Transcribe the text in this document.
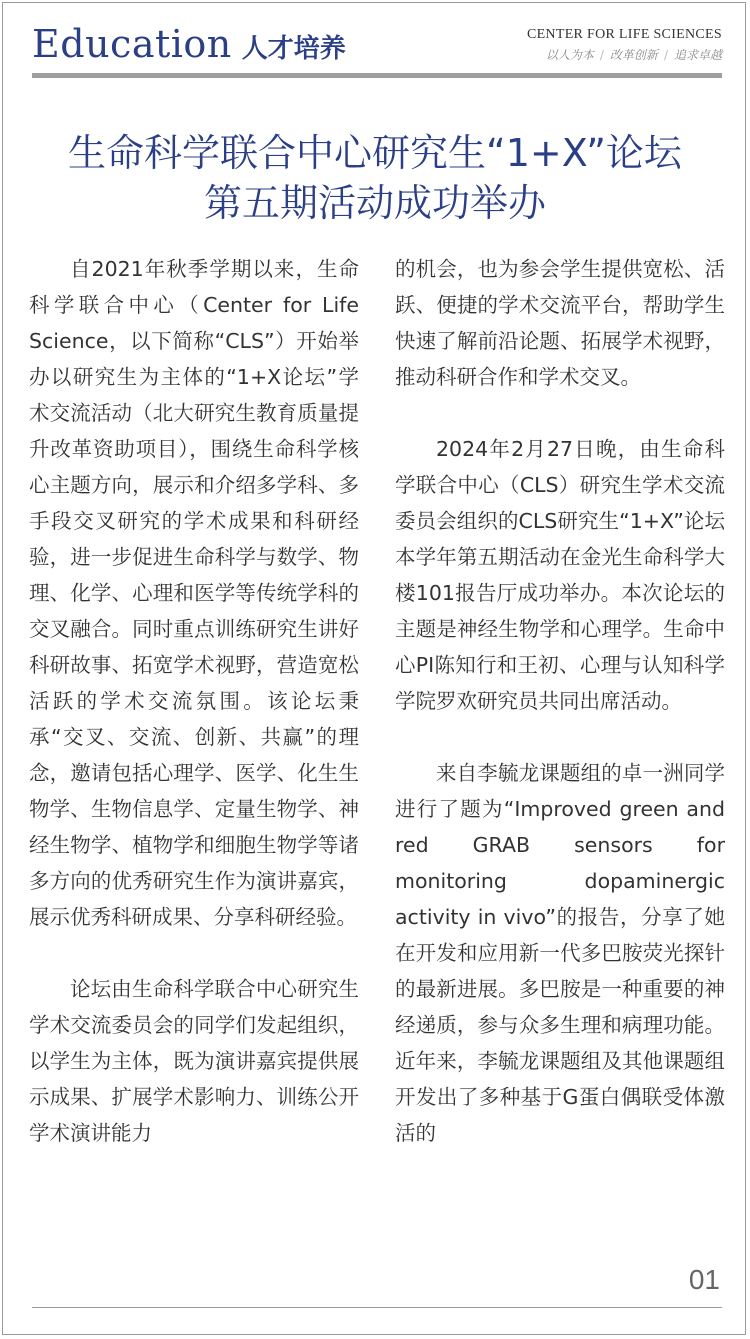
Education 人才培养	CENTER FOR LIFE SCIENCES
以人为本 / 改革创新 / 追求卓越
生命科学联合中心研究生“1+X”论坛
第五期活动成功举办

自2021年秋季学期以来，生命科学联合中心（Center for Life Science，以下简称“CLS”）开始举办以研究生为主体的“1+X论坛”学术交流活动（北大研究生教育质量提升改革资助项目），围绕生命科学核心主题方向，展示和介绍多学科、多手段交叉研究的学术成果和科研经验，进一步促进生命科学与数学、物理、化学、心理和医学等传统学科的交叉融合。同时重点训练研究生讲好科研故事、拓宽学术视野，营造宽松活跃的学术交流氛围。该论坛秉承“交叉、交流、创新、共赢”的理念，邀请包括心理学、医学、化生生物学、生物信息学、定量生物学、神经生物学、植物学和细胞生物学等诸多方向的优秀研究生作为演讲嘉宾，展示优秀科研成果、分享科研经验。

论坛由生命科学联合中心研究生学术交流委员会的同学们发起组织，以学生为主体，既为演讲嘉宾提供展示成果、扩展学术影响力、训练公开学术演讲能力

的机会，也为参会学生提供宽松、活跃、便捷的学术交流平台，帮助学生快速了解前沿论题、拓展学术视野，推动科研合作和学术交叉。

2024年2月27日晚，由生命科学联合中心（CLS）研究生学术交流委员会组织的CLS研究生“1+X”论坛本学年第五期活动在金光生命科学大楼101报告厅成功举办。本次论坛的主题是神经生物学和心理学。生命中心PI陈知行和王初、心理与认知科学学院罗欢研究员共同出席活动。

来自李毓龙课题组的卓一洲同学进行了题为“Improved green and red GRAB sensors for monitoring dopaminergic activity in vivo”的报告，分享了她在开发和应用新一代多巴胺荧光探针的最新进展。多巴胺是一种重要的神经递质，参与众多生理和病理功能。近年来，李毓龙课题组及其他课题组开发出了多种基于G蛋白偶联受体激活的

01
